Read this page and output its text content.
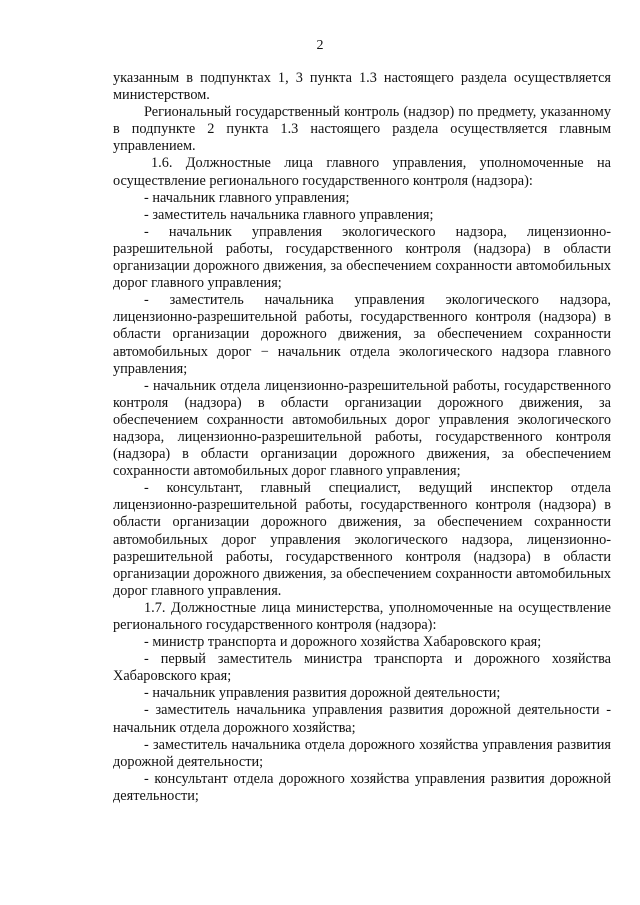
2

указанным в подпунктах 1, 3 пункта 1.3 настоящего раздела осуществляется министерством.

Региональный государственный контроль (надзор) по предмету, указанному в подпункте 2 пункта 1.3 настоящего раздела осуществляется главным управлением.

1.6. Должностные лица главного управления, уполномоченные на осуществление регионального государственного контроля (надзора):

- начальник главного управления;

- заместитель начальника главного управления;

- начальник управления экологического надзора, лицензионно-разрешительной работы, государственного контроля (надзора) в области организации дорожного движения, за обеспечением сохранности автомобильных дорог главного управления;

- заместитель начальника управления экологического надзора, лицензионно-разрешительной работы, государственного контроля (надзора) в области организации дорожного движения, за обеспечением сохранности автомобильных дорог − начальник отдела экологического надзора главного управления;

- начальник отдела лицензионно-разрешительной работы, государственного контроля (надзора) в области организации дорожного движения, за обеспечением сохранности автомобильных дорог управления экологического надзора, лицензионно-разрешительной работы, государственного контроля (надзора) в области организации дорожного движения, за обеспечением сохранности автомобильных дорог главного управления;

- консультант, главный специалист, ведущий инспектор отдела лицензионно-разрешительной работы, государственного контроля (надзора) в области организации дорожного движения, за обеспечением сохранности автомобильных дорог управления экологического надзора, лицензионно-разрешительной работы, государственного контроля (надзора) в области организации дорожного движения, за обеспечением сохранности автомобильных дорог главного управления.

1.7. Должностные лица министерства, уполномоченные на осуществление регионального государственного контроля (надзора):

- министр транспорта и дорожного хозяйства Хабаровского края;

- первый заместитель министра транспорта и дорожного хозяйства Хабаровского края;

- начальник управления развития дорожной деятельности;

- заместитель начальника управления развития дорожной деятельности - начальник отдела дорожного хозяйства;

- заместитель начальника отдела дорожного хозяйства управления развития дорожной деятельности;

- консультант отдела дорожного хозяйства управления развития дорожной деятельности;
